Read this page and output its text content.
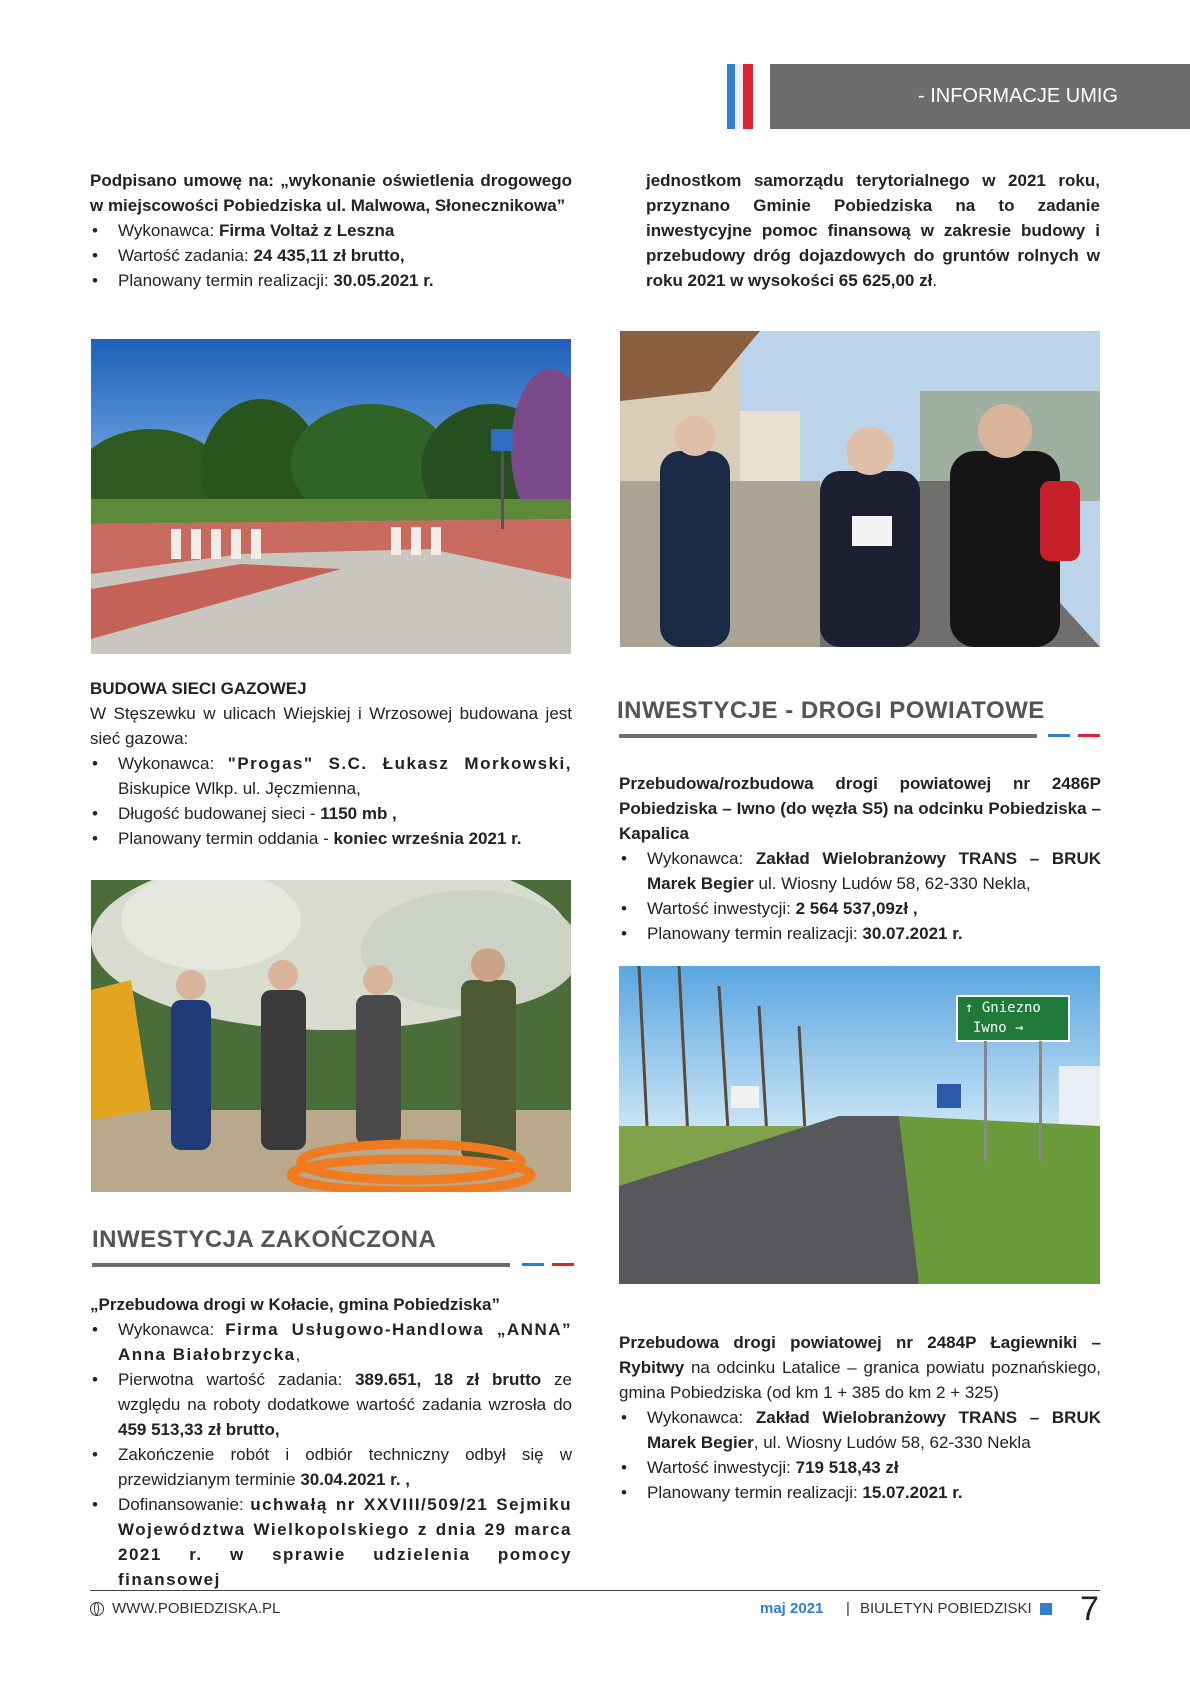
- INFORMACJE UMIG

Podpisano umowę na: „wykonanie oświetlenia drogowego w miejscowości Pobiedziska ul. Malwowa, Słonecznikowa”

• Wykonawca: Firma Voltaż z Leszna
• Wartość zadania: 24 435,11 zł brutto,
• Planowany termin realizacji: 30.05.2021 r.

BUDOWA SIECI GAZOWEJ

W Stęszewku w ulicach Wiejskiej i Wrzosowej budowana jest sieć gazowa:

• Wykonawca: "Progas" S.C. Łukasz Morkowski, Biskupice Wlkp. ul. Jęczmienna,
• Długość budowanej sieci - 1150 mb ,
• Planowany termin oddania - koniec września 2021 r.
INWESTYCJA ZAKOŃCZONA

„Przebudowa drogi w Kołacie, gmina Pobiedziska”

• Wykonawca: Firma Usługowo-Handlowa „ANNA” Anna Białobrzycka,
• Pierwotna wartość zadania: 389.651, 18 zł brutto ze względu na roboty dodatkowe wartość zadania wzrosła do 459 513,33 zł brutto,
• Zakończenie robót i odbiór techniczny odbył się w przewidzianym terminie 30.04.2021 r. ,
• Dofinansowanie: uchwałą nr XXVIII/509/21 Sejmiku Województwa Wielkopolskiego z dnia 29 marca 2021 r. w sprawie udzielenia pomocy finansowej

jednostkom samorządu terytorialnego w 2021 roku, przyznano Gminie Pobiedziska na to zadanie inwestycyjne pomoc finansową w zakresie budowy i przebudowy dróg dojazdowych do gruntów rolnych w roku 2021 w wysokości 65 625,00 zł.

INWESTYCJE - DROGI POWIATOWE

Przebudowa/rozbudowa drogi powiatowej nr 2486P Pobiedziska – Iwno (do węzła S5) na odcinku Pobiedziska – Kapalica

• Wykonawca: Zakład Wielobranżowy TRANS – BRUK Marek Begier ul. Wiosny Ludów 58, 62-330 Nekla,
• Wartość inwestycji: 2 564 537,09zł ,
• Planowany termin realizacji: 30.07.2021 r.
↑ Gniezno
Iwno →

Przebudowa drogi powiatowej nr 2484P Łagiewniki – Rybitwy na odcinku Latalice – granica powiatu poznańskiego, gmina Pobiedziska (od km 1 + 385 do km 2 + 325)

• Wykonawca: Zakład Wielobranżowy TRANS – BRUK Marek Begier, ul. Wiosny Ludów 58, 62-330 Nekla
• Wartość inwestycji: 719 518,43 zł
• Planowany termin realizacji: 15.07.2021 r.
WWW.POBIEDZISKA.PL	maj 2021 | BIULETYN POBIEDZISKI 7
